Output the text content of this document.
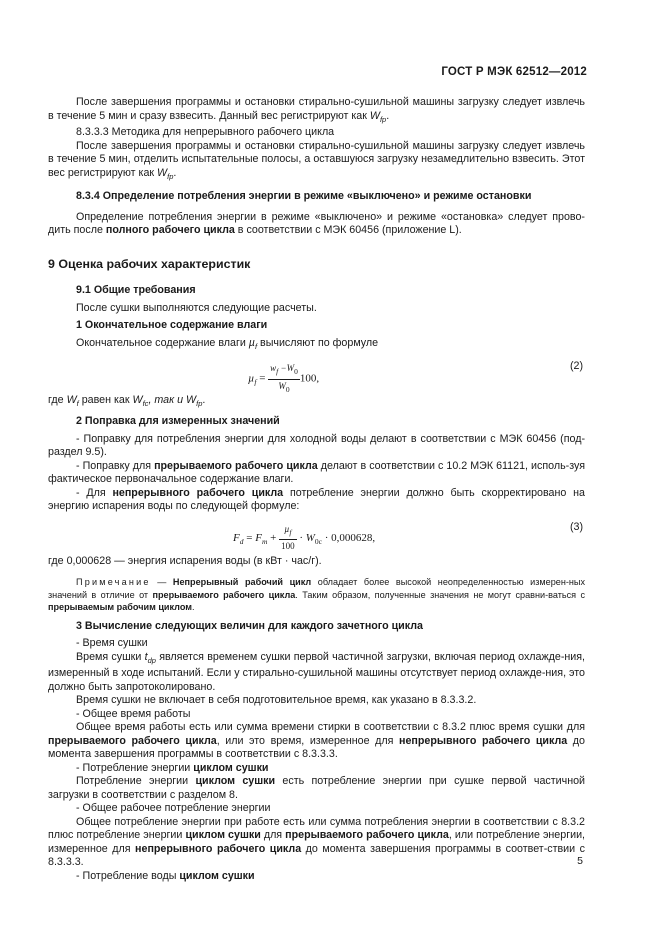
ГОСТ Р МЭК 62512—2012

После завершения программы и остановки стирально-сушильной машины загрузку следует извлечь в течение 5 мин и сразу взвесить. Данный вес регистрируют как $W_{fp}$.

8.3.3.3 Методика для непрерывного рабочего цикла

После завершения программы и остановки стирально-сушильной машины загрузку следует извлечь в течение 5 мин, отделить испытательные полосы, а оставшуюся загрузку незамедлительно взвесить. Этот вес регистрируют как $W_{fp}$.

8.3.4 Определение потребления энергии в режиме «выключено» и режиме остановки

Определение потребления энергии в режиме «выключено» и режиме «остановка» следует прово-дить после полного рабочего цикла в соответствии с МЭК 60456 (приложение L).

9 Оценка рабочих характеристик

9.1 Общие требования

После сушки выполняются следующие расчеты.

1 Окончательное содержание влаги

Окончательное содержание влаги µ$_f$ вычисляют по формуле

$\mu_f = \frac{w_f -W_0}{W_0} 100$,
(2)

где $W_f$ равен как $W_{fc}$, так и $W_{fp}$.

2 Поправка для измеренных значений

- Поправку для потребления энергии для холодной воды делают в соответствии с МЭК 60456 (под-раздел 9.5).

- Поправку для прерываемого рабочего цикла делают в соответствии с 10.2 МЭК 61121, исполь-зуя фактическое первоначальное содержание влаги.

- Для непрерывного рабочего цикла потребление энергии должно быть скорректировано на энергию испарения воды по следующей формуле:

$F_d = F_m + \frac{\mu_f}{100} \cdot W_{0c} \cdot 0,000628$,
(3)

где 0,000628 — энергия испарения воды (в кВт · час/г).

Примечание — Непрерывный рабочий цикл обладает более высокой неопределенностью измерен-ных значений в отличие от прерываемого рабочего цикла. Таким образом, полученные значения не могут сравни-ваться с прерываемым рабочим циклом.

3 Вычисление следующих величин для каждого зачетного цикла

- Время сушки

Время сушки $t_{dp}$ является временем сушки первой частичной загрузки, включая период охлажде-ния, измеренный в ходе испытаний. Если у стирально-сушильной машины отсутствует период охлажде-ния, это должно быть запротоколировано.

Время сушки не включает в себя подготовительное время, как указано в 8.3.3.2.

- Общее время работы

Общее время работы есть или сумма времени стирки в соответствии с 8.3.2 плюс время сушки для прерываемого рабочего цикла, или это время, измеренное для непрерывного рабочего цикла до момента завершения программы в соответствии с 8.3.3.3.

- Потребление энергии циклом сушки

Потребление энергии циклом сушки есть потребление энергии при сушке первой частичной загрузки в соответствии с разделом 8.

- Общее рабочее потребление энергии

Общее потребление энергии при работе есть или сумма потребления энергии в соответствии с 8.3.2 плюс потребление энергии циклом сушки для прерываемого рабочего цикла, или потребление энергии, измеренное для непрерывного рабочего цикла до момента завершения программы в соответ-ствии с 8.3.3.3.

- Потребление воды циклом сушки

5
